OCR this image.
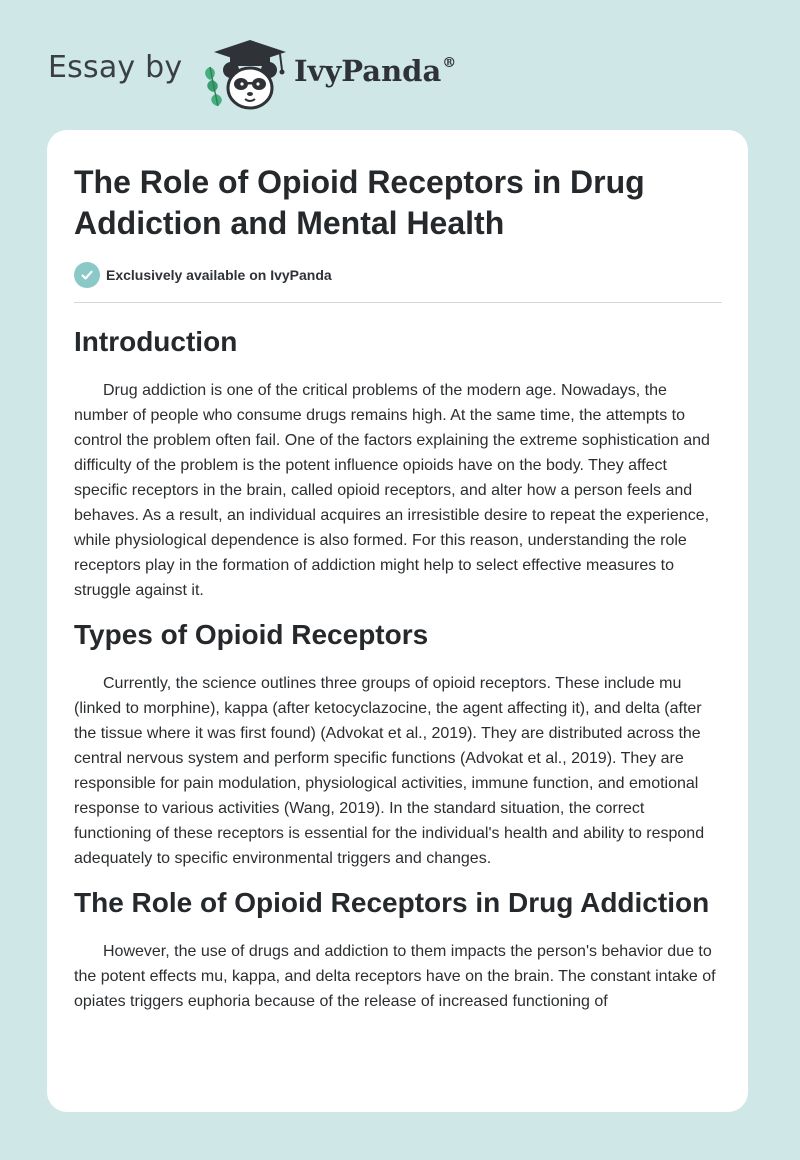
Essay by	IvyPanda®
The Role of Opioid Receptors in Drug Addiction and Mental Health
Exclusively available on IvyPanda
Introduction

Drug addiction is one of the critical problems of the modern age. Nowadays, the number of people who consume drugs remains high. At the same time, the attempts to control the problem often fail. One of the factors explaining the extreme sophistication and difficulty of the problem is the potent influence opioids have on the body. They affect specific receptors in the brain, called opioid receptors, and alter how a person feels and behaves. As a result, an individual acquires an irresistible desire to repeat the experience, while physiological dependence is also formed. For this reason, understanding the role receptors play in the formation of addiction might help to select effective measures to struggle against it.

Types of Opioid Receptors

Currently, the science outlines three groups of opioid receptors. These include mu (linked to morphine), kappa (after ketocyclazocine, the agent affecting it), and delta (after the tissue where it was first found) (Advokat et al., 2019). They are distributed across the central nervous system and perform specific functions (Advokat et al., 2019). They are responsible for pain modulation, physiological activities, immune function, and emotional response to various activities (Wang, 2019). In the standard situation, the correct functioning of these receptors is essential for the individual's health and ability to respond adequately to specific environmental triggers and changes.

The Role of Opioid Receptors in Drug Addiction

However, the use of drugs and addiction to them impacts the person's behavior due to the potent effects mu, kappa, and delta receptors have on the brain. The constant intake of opiates triggers euphoria because of the release of increased functioning of
